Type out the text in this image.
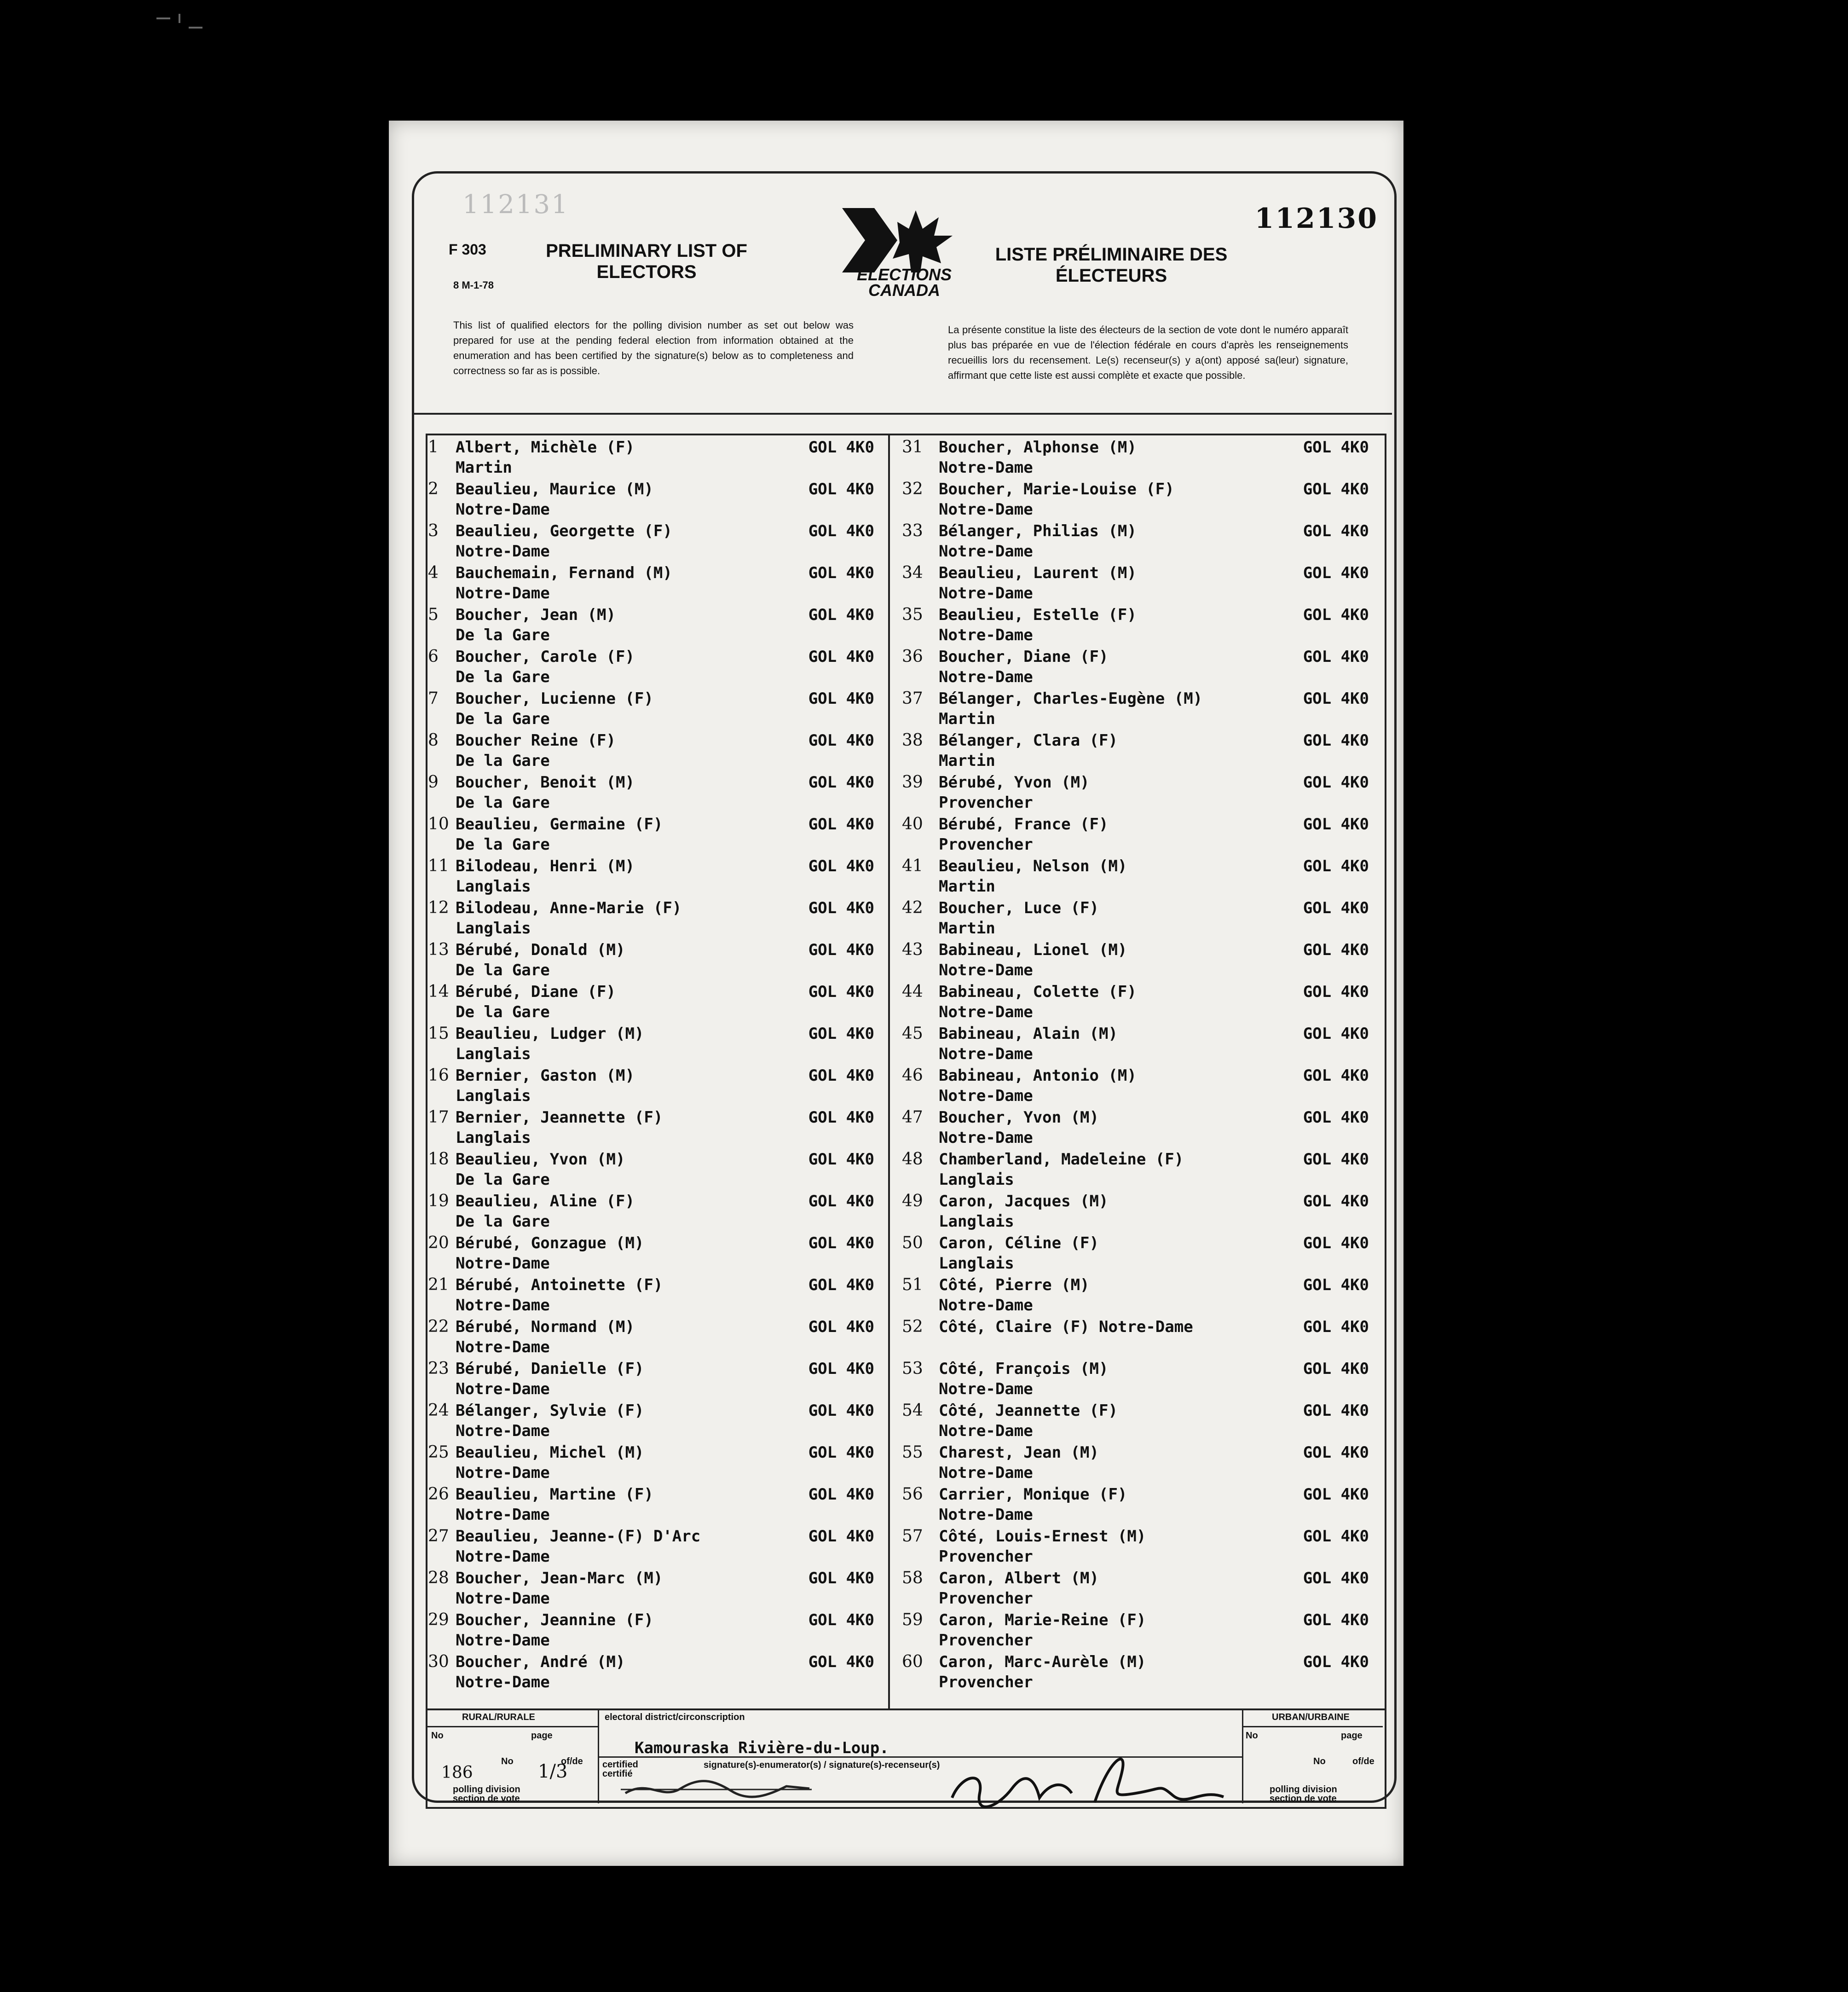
112131
F 303
8 M-1-78
PRELIMINARY LIST OF ELECTORS	ELECTIONS
CANADA
LISTE PRÉLIMINAIRE DES ÉLECTEURS
112130
This list of qualified electors for the polling division number as set out below was prepared for use at the pending federal election from information obtained at the enumeration and has been certified by the signature(s) below as to completeness and correctness so far as is possible.
La présente constitue la liste des électeurs de la section de vote dont le numéro apparaît plus bas préparée en vue de l'élection fédérale en cours d'après les renseignements recueillis lors du recensement. Le(s) recenseur(s) y a(ont) apposé sa(leur) signature, affirmant que cette liste est aussi complète et exacte que possible.
1	Albert, Michèle (F)
Martin
GOL 4K0
2	Beaulieu, Maurice (M)
Notre-Dame
GOL 4K0
3	Beaulieu, Georgette (F)
Notre-Dame
GOL 4K0
4	Bauchemain, Fernand (M)
Notre-Dame
GOL 4K0
5	Boucher, Jean (M)
De la Gare
GOL 4K0
6	Boucher, Carole (F)
De la Gare
GOL 4K0
7	Boucher, Lucienne (F)
De la Gare
GOL 4K0
8	Boucher Reine (F)
De la Gare
GOL 4K0
9	Boucher, Benoit (M)
De la Gare
GOL 4K0
10 Beaulieu, Germaine (F)
De la Gare
GOL 4K0
11 Bilodeau, Henri (M)
Langlais
GOL 4K0
12 Bilodeau, Anne-Marie (F)
Langlais
GOL 4K0
13 Bérubé, Donald (M)
De la Gare
GOL 4K0
14 Bérubé, Diane (F)
De la Gare
GOL 4K0
15 Beaulieu, Ludger (M)
Langlais
GOL 4K0
16 Bernier, Gaston (M)
Langlais
GOL 4K0
17 Bernier, Jeannette (F)
Langlais
GOL 4K0
18 Beaulieu, Yvon (M)
De la Gare
GOL 4K0
19 Beaulieu, Aline (F)
De la Gare
GOL 4K0
20 Bérubé, Gonzague (M)
Notre-Dame
GOL 4K0
21 Bérubé, Antoinette (F)
Notre-Dame
GOL 4K0
22 Bérubé, Normand (M)
Notre-Dame
GOL 4K0
23 Bérubé, Danielle (F)
Notre-Dame
GOL 4K0
24 Bélanger, Sylvie (F)
Notre-Dame
GOL 4K0
25 Beaulieu, Michel (M)
Notre-Dame
GOL 4K0
26 Beaulieu, Martine (F)
Notre-Dame
GOL 4K0
27 Beaulieu, Jeanne-(F) D'Arc
Notre-Dame
GOL 4K0
28 Boucher, Jean-Marc (M)
Notre-Dame
GOL 4K0
29 Boucher, Jeannine (F)
Notre-Dame
GOL 4K0
30 Boucher, André (M)
Notre-Dame
GOL 4K0
31	Boucher, Alphonse (M)
Notre-Dame
GOL 4K0
32	Boucher, Marie-Louise (F)
Notre-Dame
GOL 4K0
33	Bélanger, Philias (M)
Notre-Dame
GOL 4K0
34	Beaulieu, Laurent (M)
Notre-Dame
GOL 4K0
35	Beaulieu, Estelle (F)
Notre-Dame
GOL 4K0
36	Boucher, Diane (F)
Notre-Dame
GOL 4K0
37	Bélanger, Charles-Eugène (M)
Martin
GOL 4K0
38	Bélanger, Clara (F)
Martin
GOL 4K0
39	Bérubé, Yvon (M)
Provencher
GOL 4K0
40	Bérubé, France (F)
Provencher
GOL 4K0
41	Beaulieu, Nelson (M)
Martin
GOL 4K0
42	Boucher, Luce (F)
Martin
GOL 4K0
43	Babineau, Lionel (M)
Notre-Dame
GOL 4K0
44	Babineau, Colette (F)
Notre-Dame
GOL 4K0
45	Babineau, Alain (M)
Notre-Dame
GOL 4K0
46	Babineau, Antonio (M)
Notre-Dame
GOL 4K0
47	Boucher, Yvon (M)
Notre-Dame
GOL 4K0
48	Chamberland, Madeleine (F)
Langlais
GOL 4K0
49	Caron, Jacques (M)
Langlais
GOL 4K0
50	Caron, Céline (F)
Langlais
GOL 4K0
51	Côté, Pierre (M)
Notre-Dame
GOL 4K0
52	Côté, Claire (F) Notre-Dame	GOL 4K0
53	Côté, François (M)
Notre-Dame
GOL 4K0
54	Côté, Jeannette (F)
Notre-Dame
GOL 4K0
55	Charest, Jean (M)
Notre-Dame
GOL 4K0
56	Carrier, Monique (F)
Notre-Dame
GOL 4K0
57	Côté, Louis-Ernest (M)
Provencher
GOL 4K0
58	Caron, Albert (M)
Provencher
GOL 4K0
59	Caron, Marie-Reine (F)
Provencher
GOL 4K0
60	Caron, Marc-Aurèle (M)
Provencher
GOL 4K0
RURAL/RURALE
No	page
No	of/de
186	1/3
polling division section de vote
electoral district/circonscription
Kamouraska Rivière-du-Loup.
certified certifié
signature(s)-enumerator(s) / signature(s)-recenseur(s)
URBAN/URBAINE
No	page
No	of/de
polling division section de vote
